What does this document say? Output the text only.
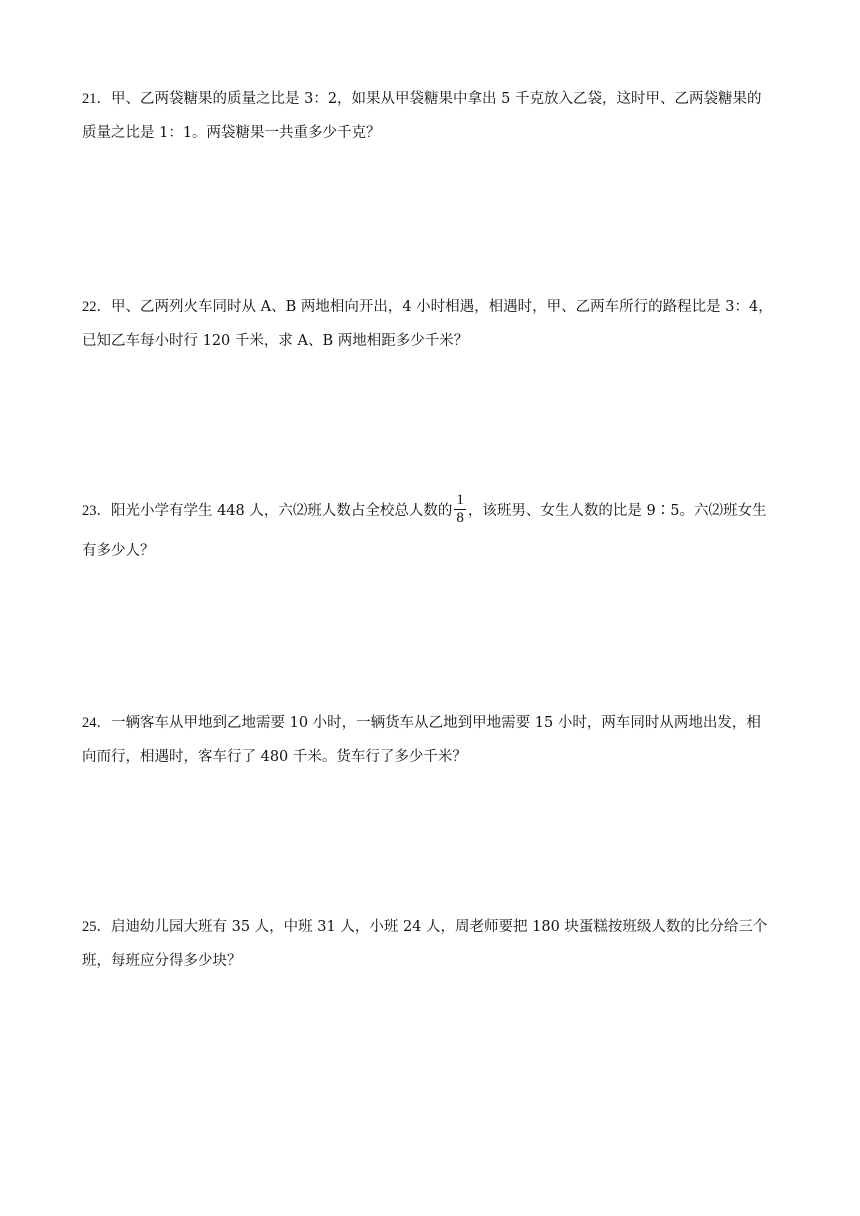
21．甲、乙两袋糖果的质量之比是 3：2，如果从甲袋糖果中拿出 5 千克放入乙袋，这时甲、乙两袋糖果的
质量之比是 1：1。两袋糖果一共重多少千克？
22．甲、乙两列火车同时从 A、B 两地相向开出，4 小时相遇，相遇时，甲、乙两车所行的路程比是 3：4，
已知乙车每小时行 120 千米，求 A、B 两地相距多少千米？
23．阳光小学有学生 448 人，六⑵班人数占全校总人数的 $\frac{1}{8}$ ，该班男、女生人数的比是 9∶5。六⑵班女生
有多少人？
24．一辆客车从甲地到乙地需要 10 小时，一辆货车从乙地到甲地需要 15 小时，两车同时从两地出发，相
向而行，相遇时，客车行了 480 千米。货车行了多少千米？
25．启迪幼儿园大班有 35 人，中班 31 人，小班 24 人，周老师要把 180 块蛋糕按班级人数的比分给三个
班，每班应分得多少块？
